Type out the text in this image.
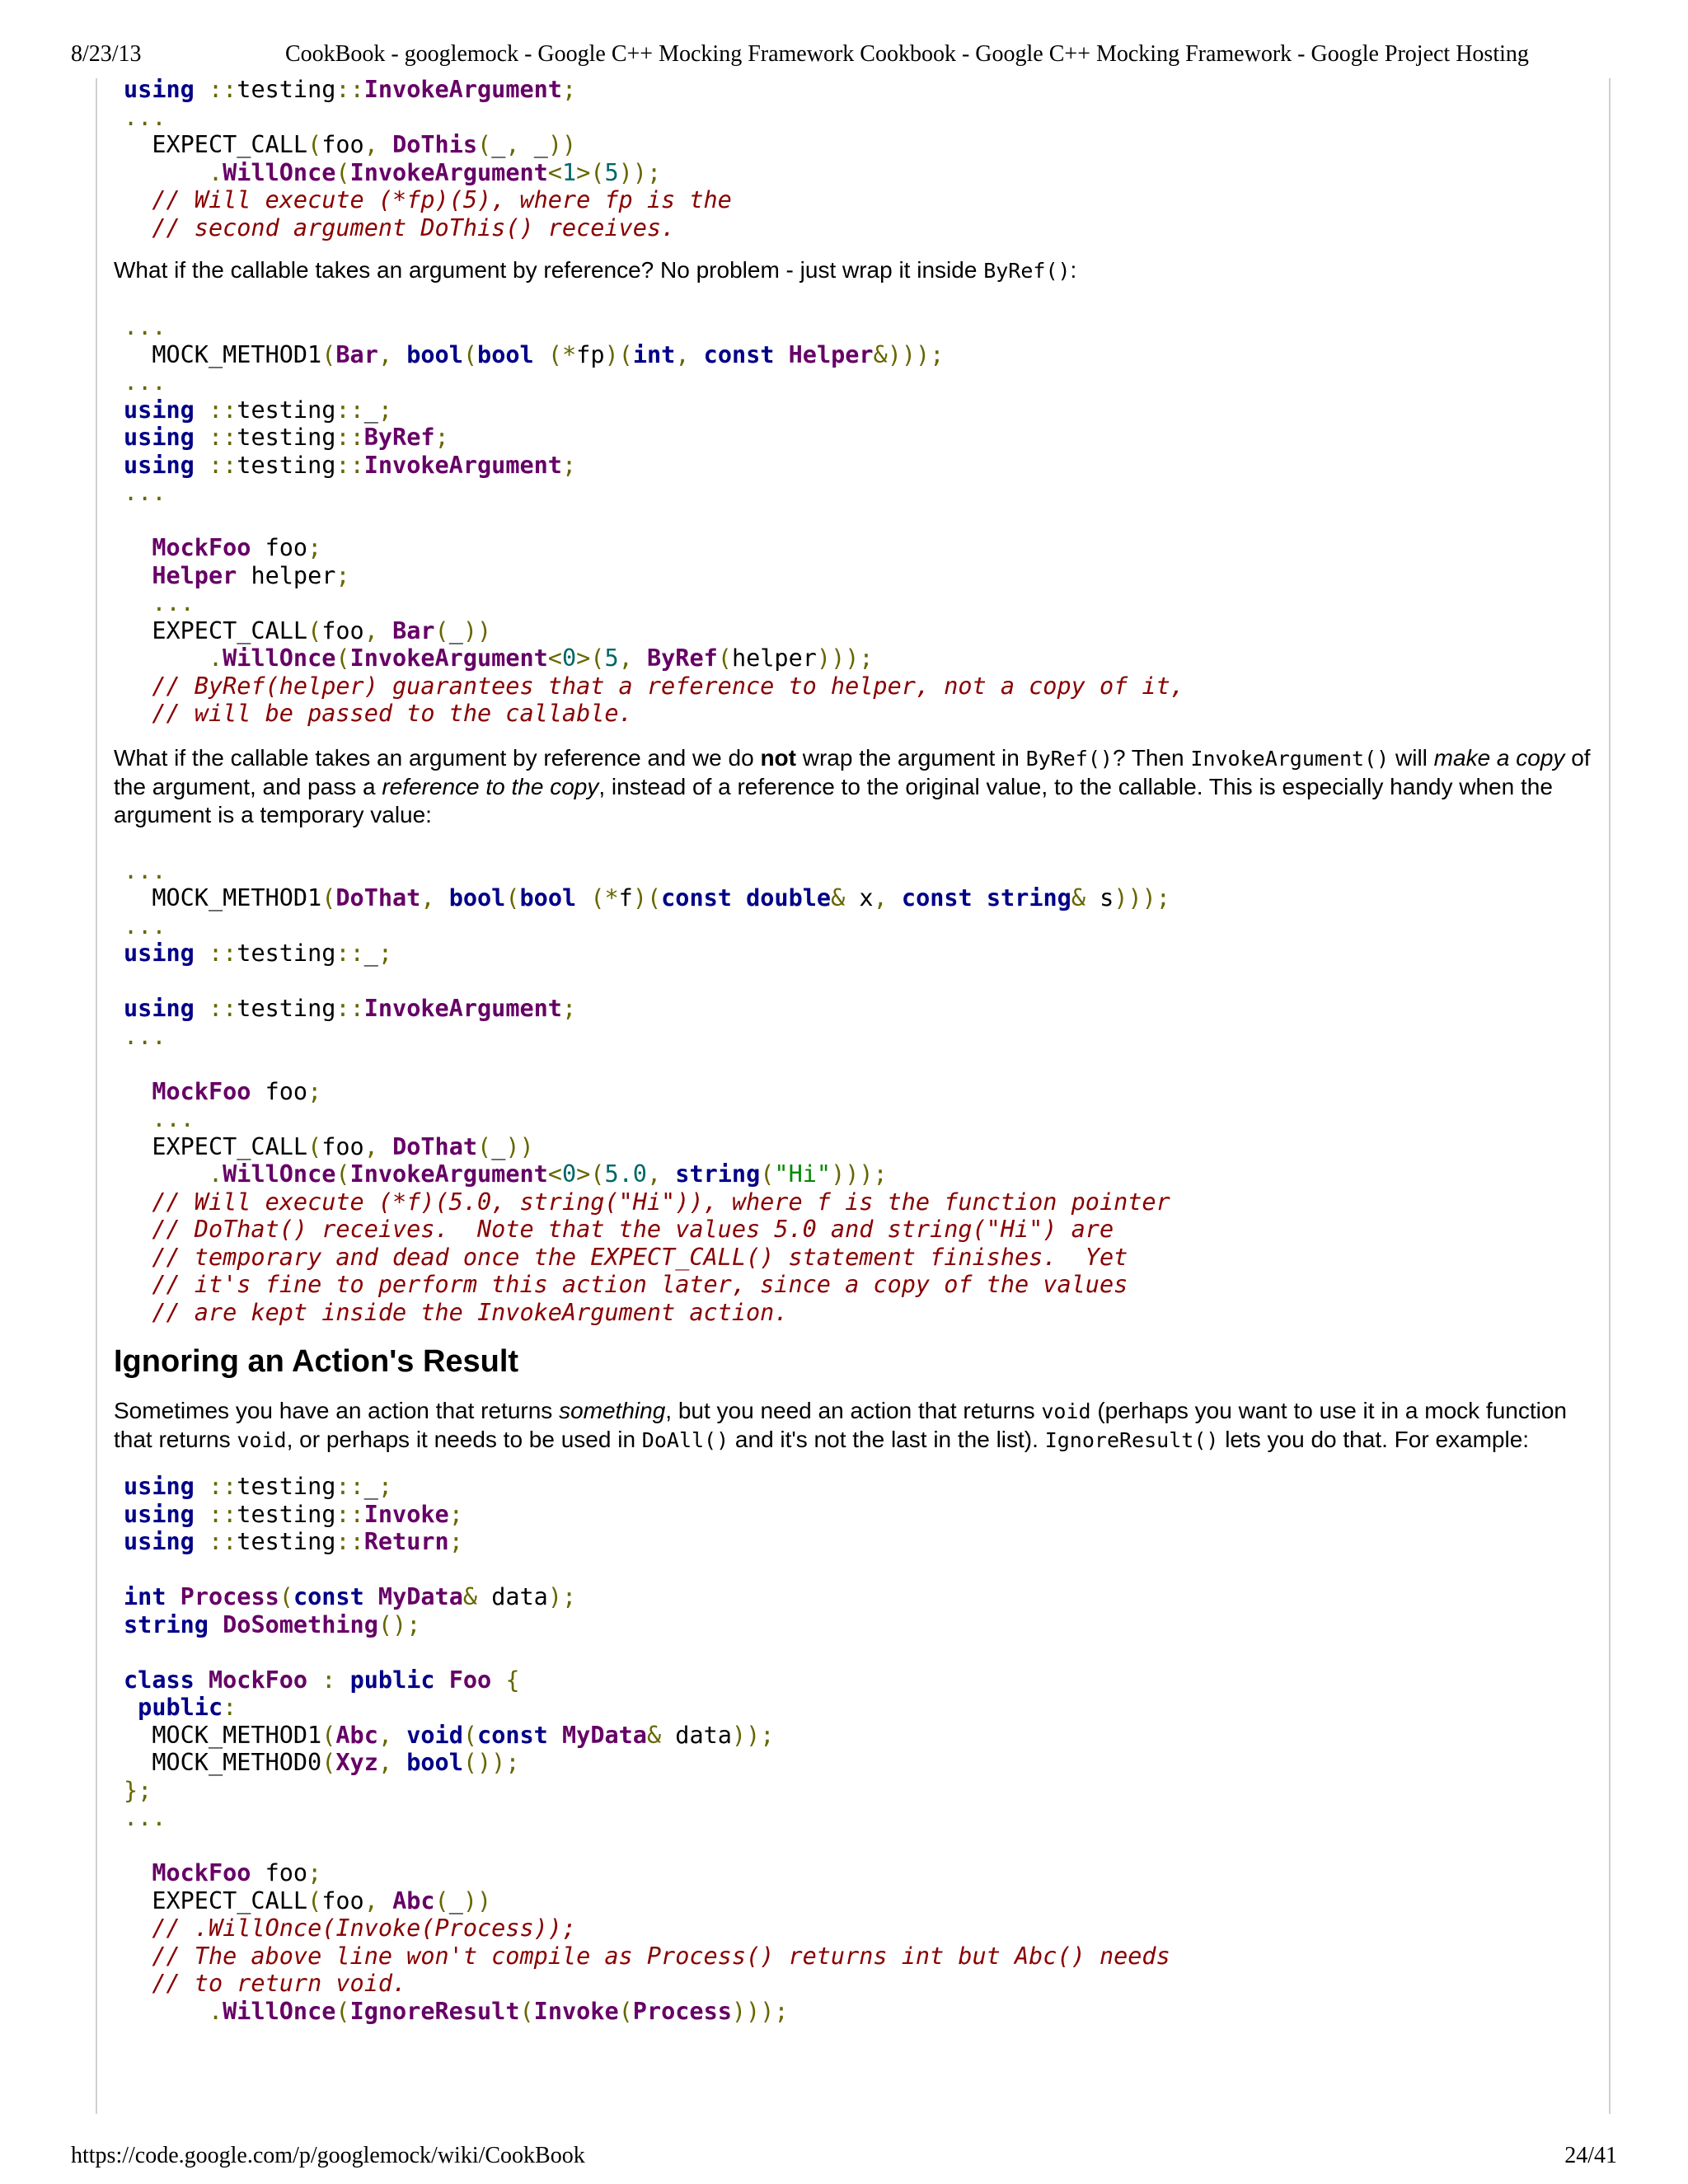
8/23/13	CookBook - googlemock - Google C++ Mocking Framework Cookbook - Google C++ Mocking Framework - Google Project Hosting
using ::testing::InvokeArgument;
...
EXPECT_CALL(foo, DoThis(_, _))
.WillOnce(InvokeArgument<1>(5));
// Will execute (*fp)(5), where fp is the
// second argument DoThis() receives.

What if the callable takes an argument by reference? No problem - just wrap it inside ByRef():

...
MOCK_METHOD1(Bar, bool(bool (*fp)(int, const Helper&)));
...
using ::testing::_;
using ::testing::ByRef;
using ::testing::InvokeArgument;
...
MockFoo foo;
Helper helper;
...
EXPECT_CALL(foo, Bar(_))
.WillOnce(InvokeArgument<0>(5, ByRef(helper)));
// ByRef(helper) guarantees that a reference to helper, not a copy of it,
// will be passed to the callable.

What if the callable takes an argument by reference and we do not wrap the argument in ByRef()? Then InvokeArgument() will make a copy of the argument, and pass a reference to the copy, instead of a reference to the original value, to the callable. This is especially handy when the argument is a temporary value:

...
MOCK_METHOD1(DoThat, bool(bool (*f)(const double& x, const string& s)));
...
using ::testing::_;
using ::testing::InvokeArgument;
...
MockFoo foo;
...
EXPECT_CALL(foo, DoThat(_))
.WillOnce(InvokeArgument<0>(5.0, string("Hi")));
// Will execute (*f)(5.0, string("Hi")), where f is the function pointer
// DoThat() receives.  Note that the values 5.0 and string("Hi") are
// temporary and dead once the EXPECT_CALL() statement finishes.  Yet
// it's fine to perform this action later, since a copy of the values
// are kept inside the InvokeArgument action.
Ignoring an Action's Result

Sometimes you have an action that returns something, but you need an action that returns void (perhaps you want to use it in a mock function that returns void, or perhaps it needs to be used in DoAll() and it's not the last in the list). IgnoreResult() lets you do that. For example:

using ::testing::_;
using ::testing::Invoke;
using ::testing::Return;
int Process(const MyData& data);
string DoSomething();
class MockFoo : public Foo {
public:
MOCK_METHOD1(Abc, void(const MyData& data));
MOCK_METHOD0(Xyz, bool());
};
...
MockFoo foo;
EXPECT_CALL(foo, Abc(_))
// .WillOnce(Invoke(Process));
// The above line won't compile as Process() returns int but Abc() needs
// to return void.
.WillOnce(IgnoreResult(Invoke(Process)));
https://code.google.com/p/googlemock/wiki/CookBook	24/41
